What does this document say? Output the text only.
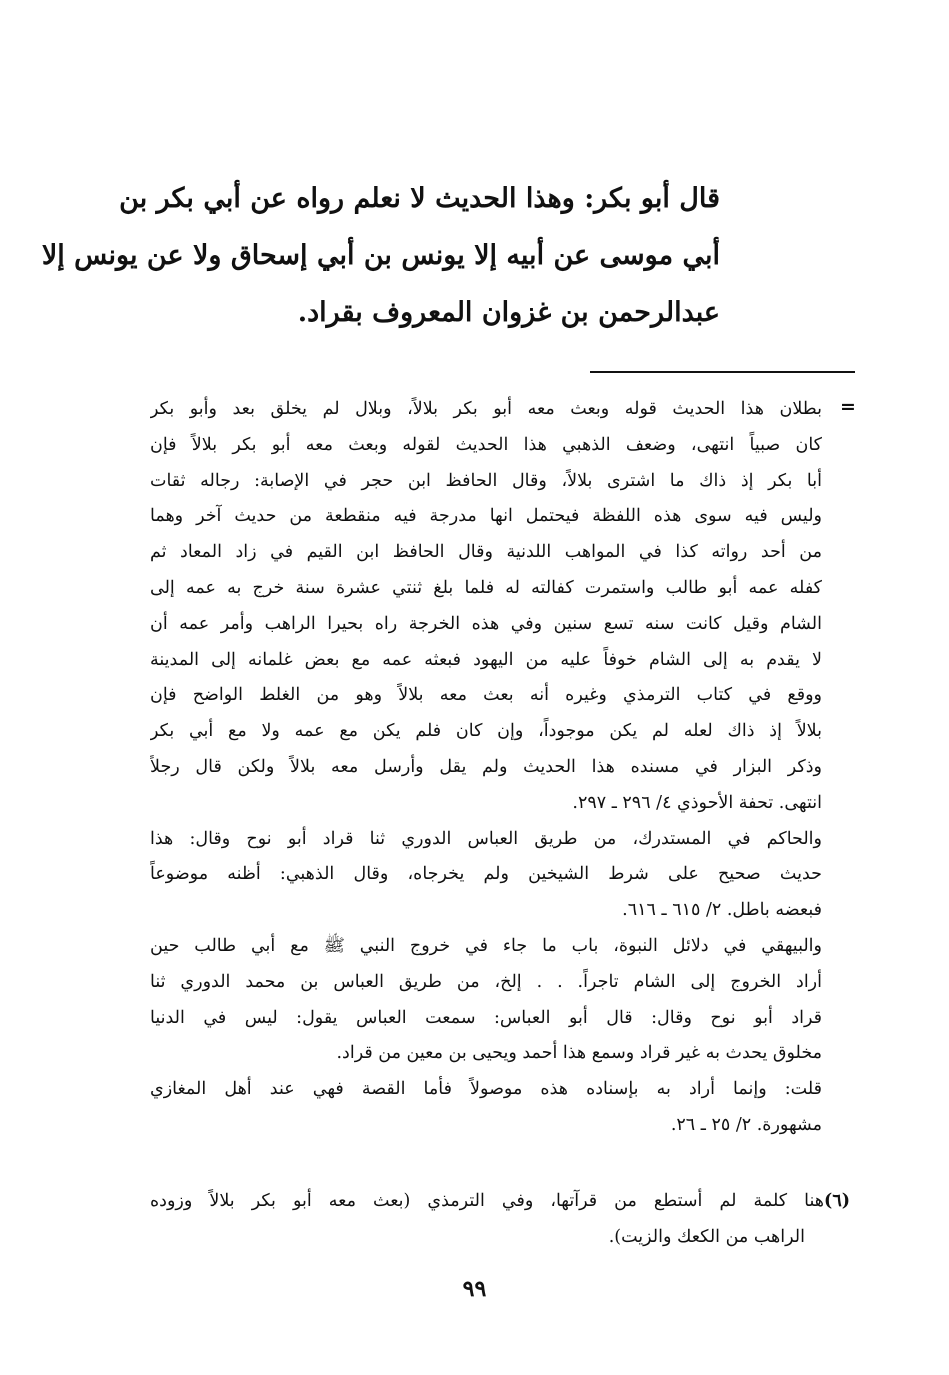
قال أبو بكر: وهذا الحديث لا نعلم رواه عن أبي بكر بن
أبي موسى عن أبيه إلا يونس بن أبي إسحاق ولا عن يونس إلا
عبدالرحمن بن غزوان المعروف بقراد.
=
بطلان هذا الحديث قوله وبعث معه أبو بكر بلالاً، وبلال لم يخلق بعد وأبو بكر
كان صبياً انتهى، وضعف الذهبي هذا الحديث لقوله وبعث معه أبو بكر بلالاً فإن
أبا بكر إذ ذاك ما اشترى بلالاً، وقال الحافظ ابن حجر في الإصابة: رجاله ثقات
وليس فيه سوى هذه اللفظة فيحتمل انها مدرجة فيه منقطعة من حديث آخر وهما
من أحد رواته كذا في المواهب اللدنية وقال الحافظ ابن القيم في زاد المعاد ثم
كفله عمه أبو طالب واستمرت كفالته له فلما بلغ ثنتي عشرة سنة خرج به عمه إلى
الشام وقيل كانت سنه تسع سنين وفي هذه الخرجة راه بحيرا الراهب وأمر عمه أن
لا يقدم به إلى الشام خوفاً عليه من اليهود فبعثه عمه مع بعض غلمانه إلى المدينة
ووقع في كتاب الترمذي وغيره أنه بعث معه بلالاً وهو من الغلط الواضح فإن
بلالاً إذ ذاك لعله لم يكن موجوداً، وإن كان فلم يكن مع عمه ولا مع أبي بكر
وذكر البزار في مسنده هذا الحديث ولم يقل وأرسل معه بلالاً ولكن قال رجلاً
انتهى. تحفة الأحوذي ٤/ ٢٩٦ ـ ٢٩٧.
والحاكم في المستدرك، من طريق العباس الدوري ثنا قراد أبو نوح وقال: هذا
حديث صحيح على شرط الشيخين ولم يخرجاه، وقال الذهبي: أظنه موضوعاً
فبعضه باطل. ٢/ ٦١٥ ـ ٦١٦.
والبيهقي في دلائل النبوة، باب ما جاء في خروج النبي ﷺ مع أبي طالب حين
أراد الخروج إلى الشام تاجراً. . . إلخ، من طريق العباس بن محمد الدوري ثنا
قراد أبو نوح وقال: قال أبو العباس: سمعت العباس يقول: ليس في الدنيا
مخلوق يحدث به غير قراد وسمع هذا أحمد ويحيى بن معين من قراد.
قلت: وإنما أراد به بإسناده هذه موصولاً فأما القصة فهي عند أهل المغازي
مشهورة. ٢/ ٢٥ ـ ٢٦.
(٦)هنا كلمة لم أستطع من قرآتها، وفي الترمذي (بعث معه أبو بكر بلالاً وزوده
الراهب من الكعك والزيت).
٩٩
